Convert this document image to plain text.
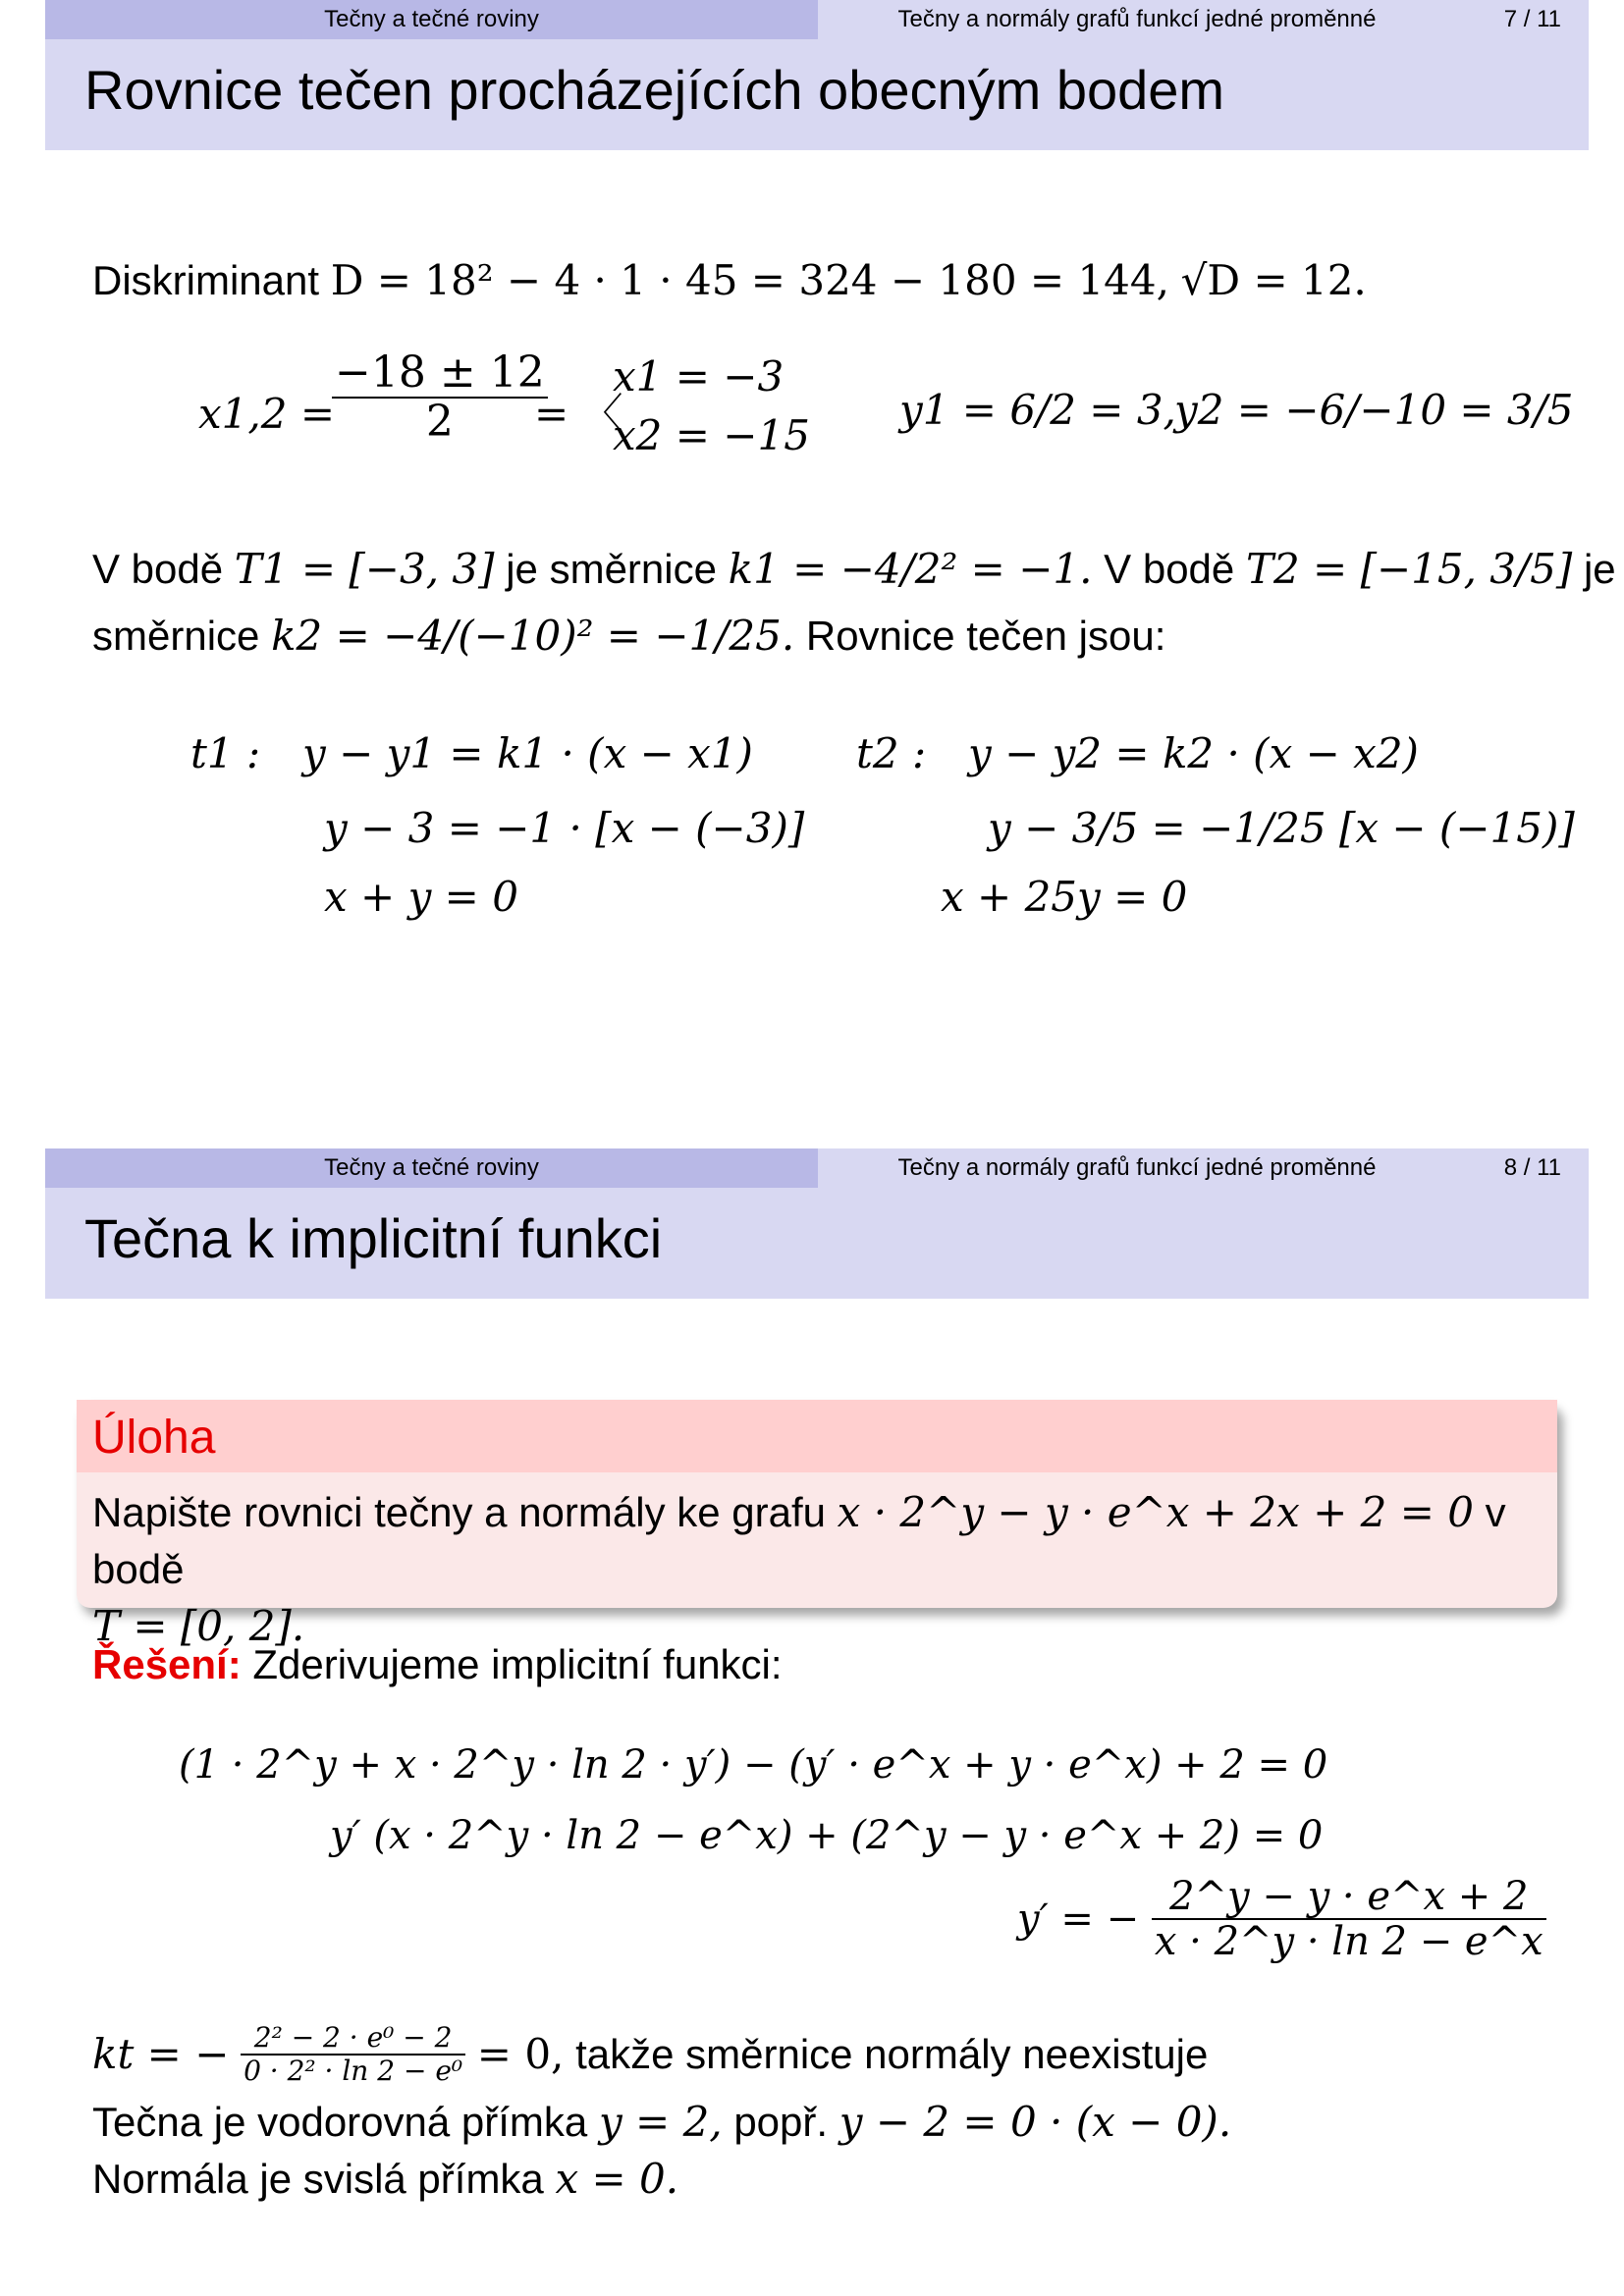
Tečny a tečné roviny	Tečny a normály grafů funkcí jedné proměnné	7 / 11
Rovnice tečen procházejících obecným bodem
Diskriminant D = 18² − 4 · 1 · 45 = 324 − 180 = 144, √D = 12.
x1,2 =
$\frac{-18 \pm 12}{2}$
= 〈
x1 = −3
x2 = −15
y1 = 6/2 = 3,
y2 = −6/−10 = 3/5
V bodě T1 = [−3, 3] je směrnice k1 = −4/2² = −1. V bodě T2 = [−15, 3/5] je
směrnice k2 = −4/(−10)² = −1/25. Rovnice tečen jsou:
t1 : y − y1 = k1 · (x − x1)
y − 3 = −1 · [x − (−3)]
x + y = 0
t2 : y − y2 = k2 · (x − x2)
y − 3/5 = −1/25 [x − (−15)]
x + 25y = 0
Tečny a tečné roviny	Tečny a normály grafů funkcí jedné proměnné	8 / 11
Tečna k implicitní funkci
Úloha
Napište rovnici tečny a normály ke grafu x · 2^y − y · e^x + 2x + 2 = 0 v bodě
T = [0, 2].
Řešení: Zderivujeme implicitní funkci:
(1 · 2^y + x · 2^y · ln 2 · y′) − (y′ · e^x + y · e^x) + 2 = 0
y′ (x · 2^y · ln 2 − e^x) + (2^y − y · e^x + 2) = 0
y′ = − $\frac{2\^{}y - y \cdot e\^{}x + 2}{x \cdot 2\^{}y \cdot \ln 2 - e\^{}x}$
kt = − $\frac{\text{2² − 2 · e⁰ − 2}}{\text{0 · 2² · ln 2 − e⁰}} = 0$, takže směrnice normály neexistuje
Tečna je vodorovná přímka y = 2, popř. y − 2 = 0 · (x − 0).
Normála je svislá přímka x = 0.
